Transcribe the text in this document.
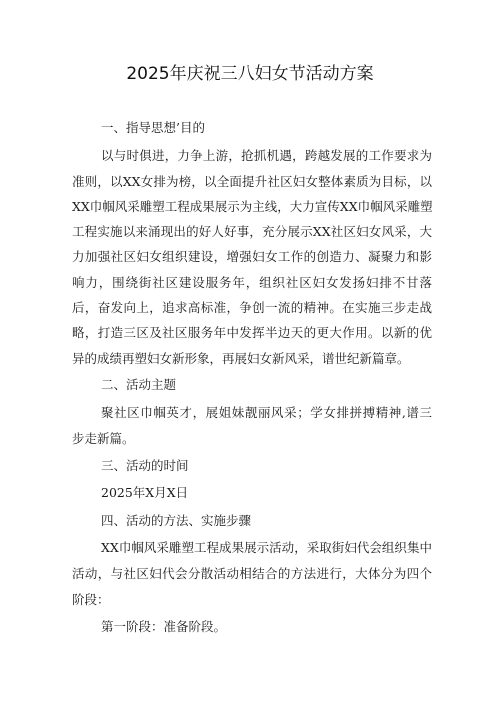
2025年庆祝三八妇女节活动方案
一、指导思想’目的
以与时俱进，力争上游，抢抓机遇，跨越发展的工作要求为
准则，以XX女排为榜，以全面提升社区妇女整体素质为目标，以
XX巾帼风采雕塑工程成果展示为主线，大力宣传XX巾帼风采雕塑
工程实施以来涌现出的好人好事，充分展示XX社区妇女风采，大
力加强社区妇女组织建设，增强妇女工作的创造力、凝聚力和影
响力，围绕街社区建设服务年，组织社区妇女发扬妇排不甘落
后，奋发向上，追求高标准，争创一流的精神。在实施三步走战
略，打造三区及社区服务年中发挥半边天的更大作用。以新的优
异的成绩再塑妇女新形象，再展妇女新风采，谱世纪新篇章。
二、活动主题
聚社区巾帼英才，展姐妹靓丽风采；学女排拼搏精神,谱三
步走新篇。
三、活动的时间
2025年X月X日
四、活动的方法、实施步骤
XX巾帼风采雕塑工程成果展示活动，采取街妇代会组织集中
活动，与社区妇代会分散活动相结合的方法进行，大体分为四个
阶段：
第一阶段：准备阶段。
